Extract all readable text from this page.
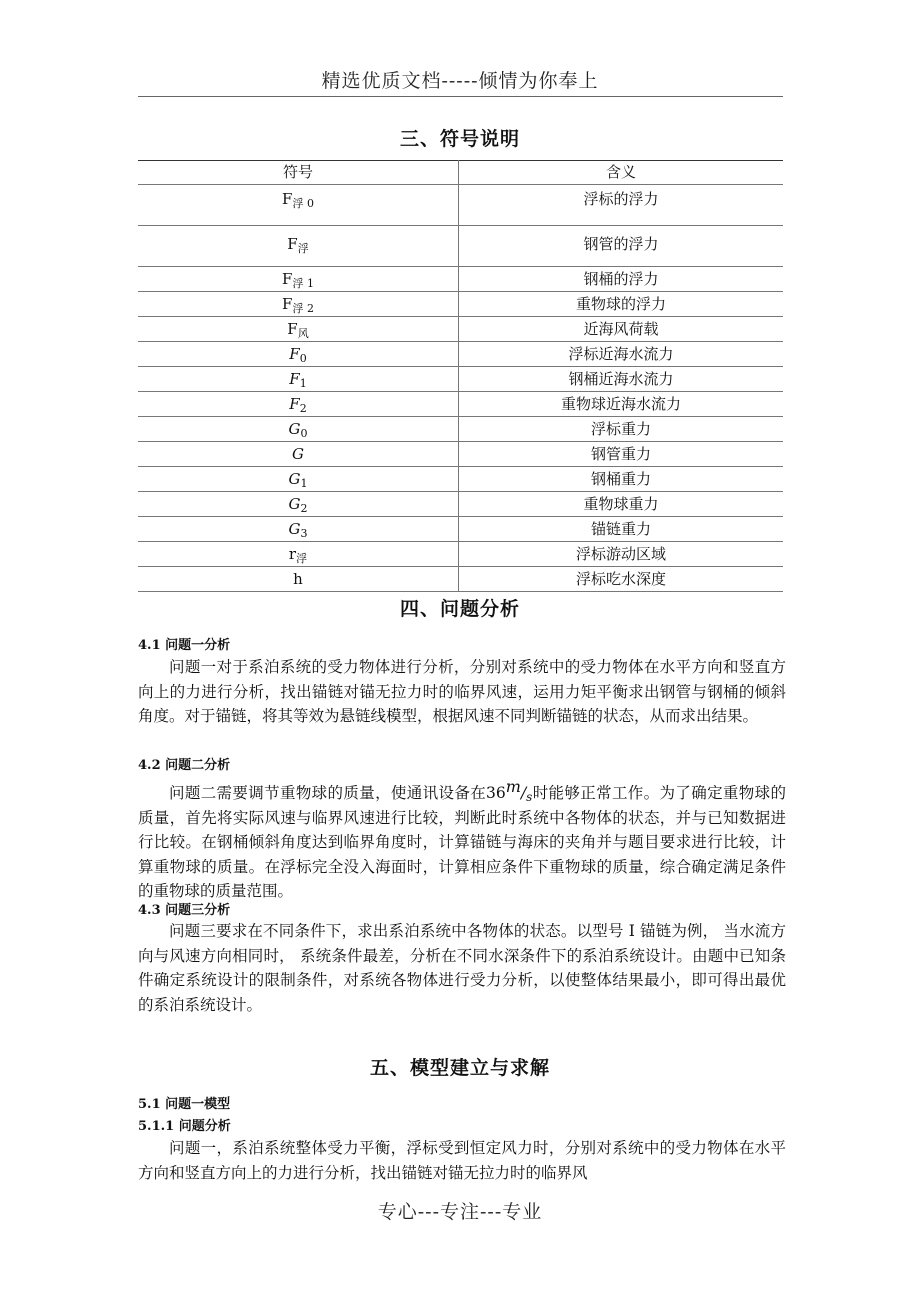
精选优质文档-----倾情为你奉上
三、符号说明
符号	含义
$F_{浮 0}$	浮标的浮力
$F_浮$	钢管的浮力
$F_{浮 1}$	钢桶的浮力
$F_{浮 2}$	重物球的浮力
$F_风$	近海风荷载
$F_0$	浮标近海水流力
$F_1$	钢桶近海水流力
$F_2$	重物球近海水流力
$G_0$	浮标重力
G	钢管重力
$G_1$	钢桶重力
$G_2$	重物球重力
$G_3$	锚链重力
$r_浮$	浮标游动区域
h	浮标吃水深度
四、问题分析
4.1 问题一分析

问题一对于系泊系统的受力物体进行分析，分别对系统中的受力物体在水平方向和竖直方向上的力进行分析，找出锚链对锚无拉力时的临界风速，运用力矩平衡求出钢管与钢桶的倾斜角度。对于锚链，将其等效为悬链线模型，根据风速不同判断锚链的状态，从而求出结果。

4.2 问题二分析

问题二需要调节重物球的质量，使通讯设备在$36^m/_s$时能够正常工作。为了确定重物球的质量，首先将实际风速与临界风速进行比较，判断此时系统中各物体的状态，并与已知数据进行比较。在钢桶倾斜角度达到临界角度时，计算锚链与海床的夹角并与题目要求进行比较，计算重物球的质量。在浮标完全没入海面时，计算相应条件下重物球的质量，综合确定满足条件的重物球的质量范围。

4.3 问题三分析

问题三要求在不同条件下，求出系泊系统中各物体的状态。以型号 I 锚链为例， 当水流方向与风速方向相同时， 系统条件最差，分析在不同水深条件下的系泊系统设计。由题中已知条件确定系统设计的限制条件，对系统各物体进行受力分析，以使整体结果最小，即可得出最优的系泊系统设计。

五、模型建立与求解
5.1 问题一模型
5.1.1 问题分析

问题一，系泊系统整体受力平衡，浮标受到恒定风力时，分别对系统中的受力物体在水平方向和竖直方向上的力进行分析，找出锚链对锚无拉力时的临界风

专心---专注---专业
